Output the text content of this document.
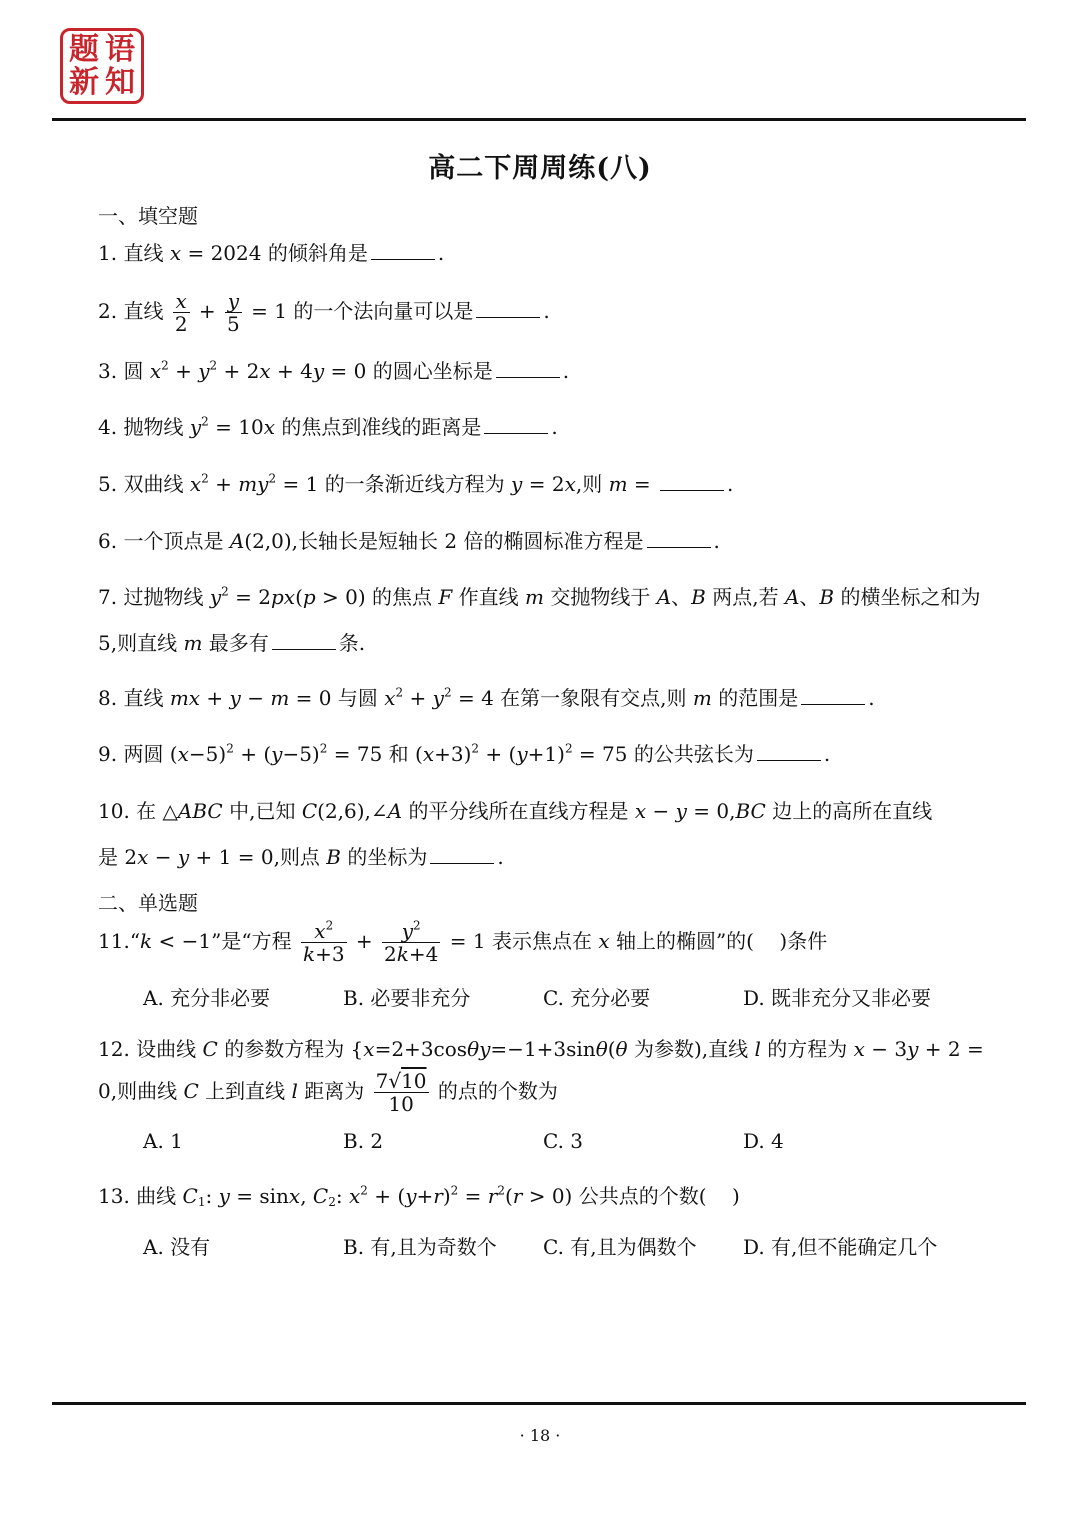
题 语
新 知
高二下周周练(八)
一、填空题
1. 直线 x = 2024 的倾斜角是	.
2. 直线 $\frac{x}{2} + \frac{y}{5} = 1$ 的一个法向量可以是	.
3. 圆 $x^2 + y^2 + 2x + 4y = 0$ 的圆心坐标是	.
4. 抛物线 $y^2 = 10x$ 的焦点到准线的距离是	.
5. 双曲线 $x^2 + my^2 = 1$ 的一条渐近线方程为 y = 2x,则 m =	.
6. 一个顶点是 A(2,0),长轴长是短轴长 2 倍的椭圆标准方程是	.
7. 过抛物线 $y^2 = 2px(p > 0)$ 的焦点 F 作直线 m 交抛物线于 A、B 两点,若 A、B 的横坐标之和为
5,则直线 m 最多有	条.
8. 直线 mx + y − m = 0 与圆 $x^2 + y^2 = 4$ 在第一象限有交点,则 m 的范围是	.
9. 两圆 $(x-5)^2 + (y-5)^2 = 75$ 和 $(x+3)^2 + (y+1)^2 = 75$ 的公共弦长为	.
10. 在 △ABC 中,已知 C(2,6),∠A 的平分线所在直线方程是 x − y = 0,BC 边上的高所在直线
是 2x − y + 1 = 0,则点 B 的坐标为	.
二、单选题
11.“k < −1”是“方程 $\frac{x^2}{k+3} + \frac{y^2}{2k+4} = 1$ 表示焦点在 x 轴上的椭圆”的( )条件
A. 充分非必要	B. 必要非充分	C. 充分必要	D. 既非充分又非必要
12. 设曲线 C 的参数方程为 {x=2+3cosθy=−1+3sinθ(θ 为参数),直线 l 的方程为 x − 3y + 2 =
0,则曲线 C 上到直线 l 距离为 $\frac{7√10}{10}$ 的点的个数为
A. 1	B. 2	C. 3	D. 4
13. 曲线 $C_1$: y = sinx, $C_2$: $x^2 + (y+r)^2 = r^2(r > 0)$ 公共点的个数( )
A. 没有	B. 有,且为奇数个 C. 有,且为偶数个 D. 有,但不能确定几个
· 18 ·
